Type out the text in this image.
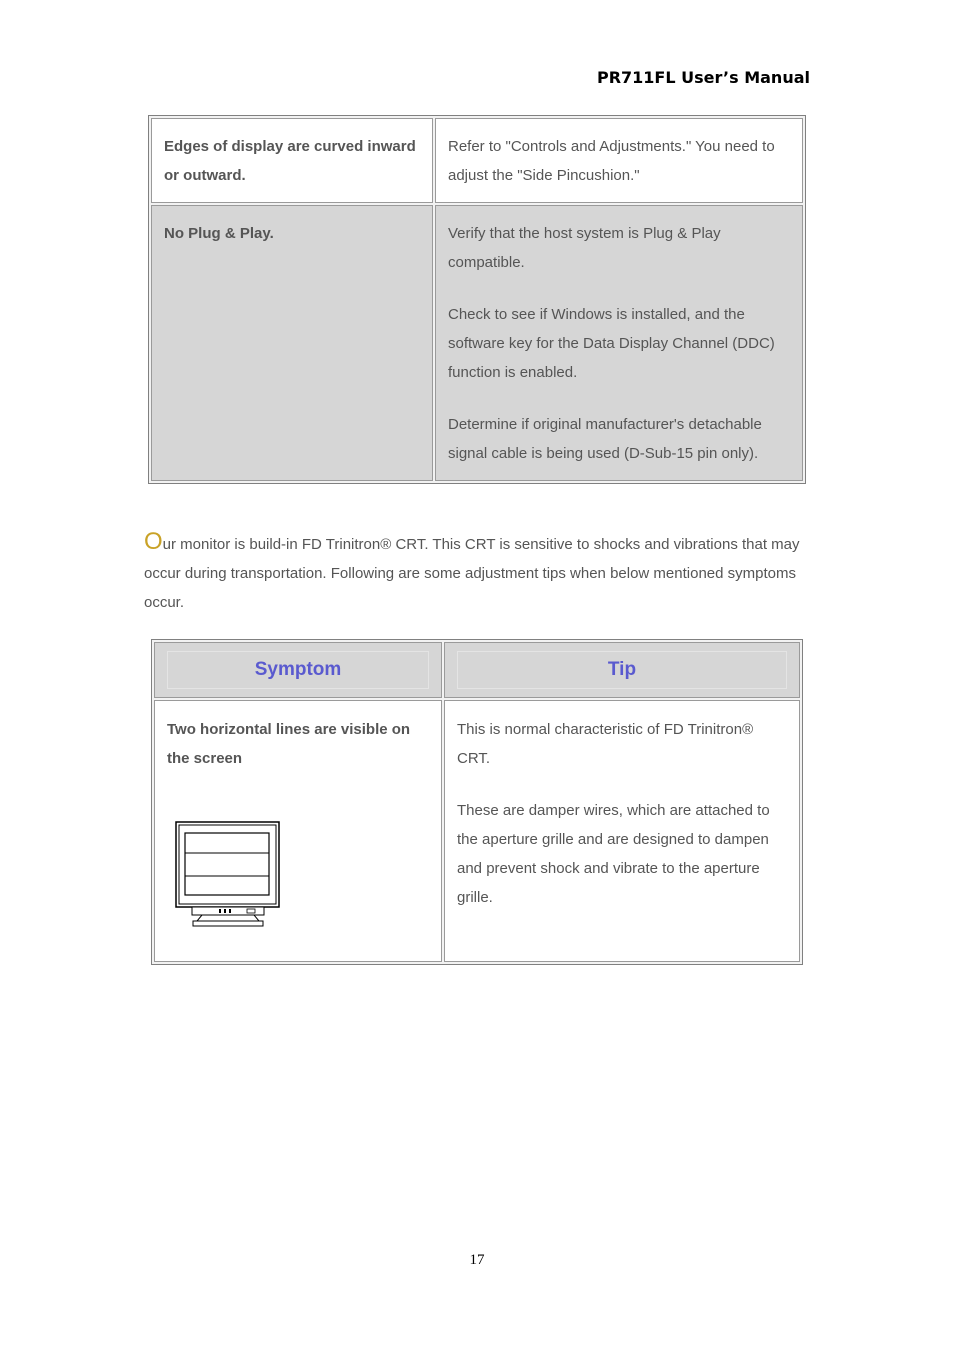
PR711FL User’s Manual
Edges of display are curved inward or outward.	Refer to "Controls and Adjustments." You need to adjust the "Side Pincushion."

No Plug & Play.	Verify that the host system is Plug & Play compatible.

Check to see if Windows is installed, and the software key for the Data Display Channel (DDC) function is enabled.

Determine if original manufacturer's detachable signal cable is being used (D-Sub-15 pin only).

Our monitor is build-in FD Trinitron® CRT. This CRT is sensitive to shocks and vibrations that may occur during transportation. Following are some adjustment tips when below mentioned symptoms occur.
Symptom	Tip

Two horizontal lines are visible on the screen	This is normal characteristic of FD Trinitron® CRT.

These are damper wires, which are attached to the aperture grille and are designed to dampen and prevent shock and vibrate to the aperture grille.

17
